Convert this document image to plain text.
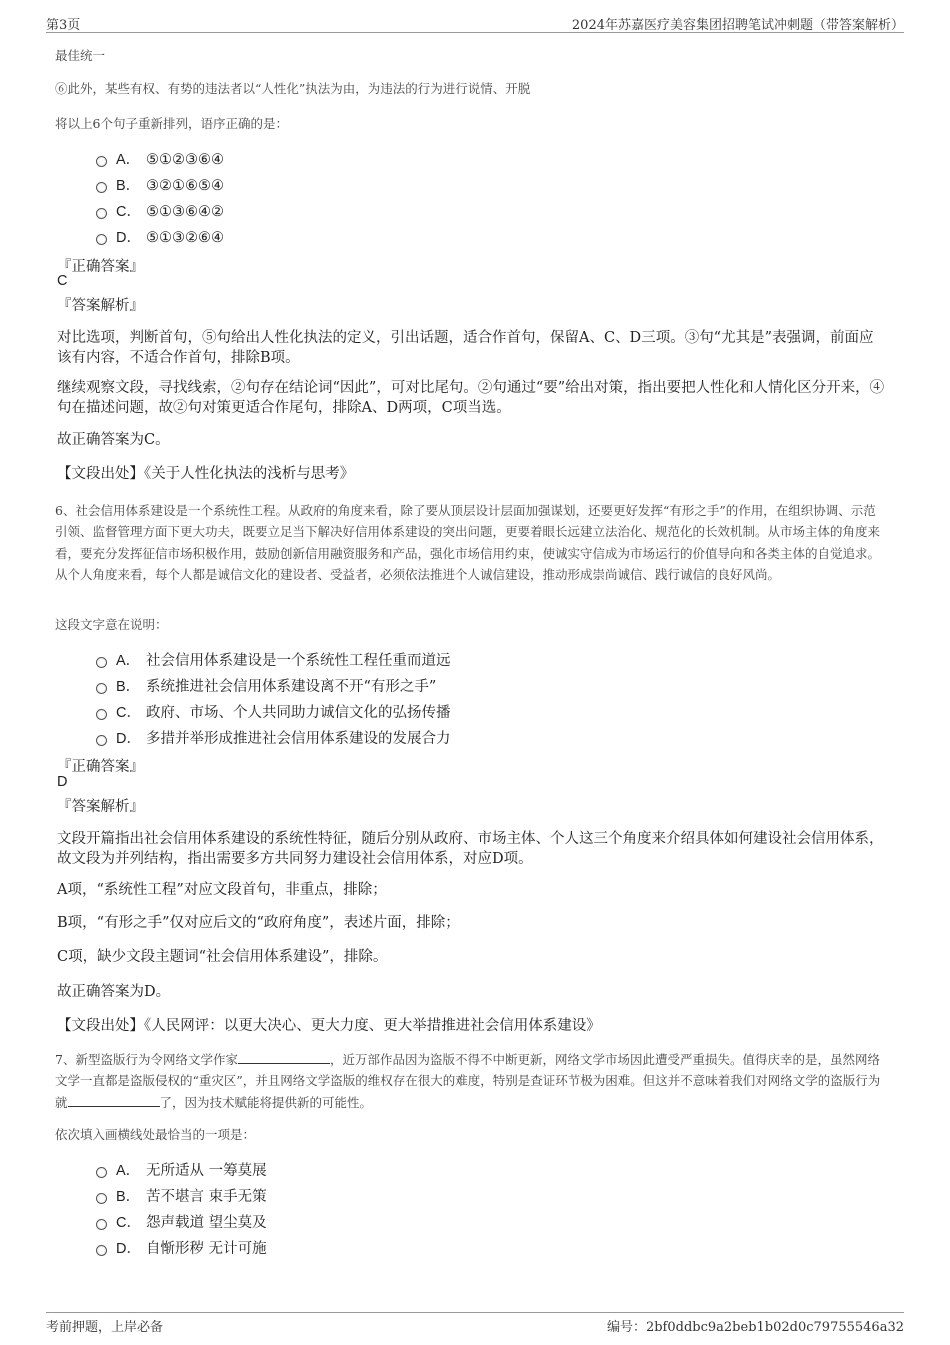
第3页	2024年苏嘉医疗美容集团招聘笔试冲刺题（带答案解析）
最佳统一
⑥此外，某些有权、有势的违法者以“人性化”执法为由，为违法的行为进行说情、开脱
将以上6个句子重新排列，语序正确的是：
A． ⑤①②③⑥④
B． ③②①⑥⑤④
C． ⑤①③⑥④②
D． ⑤①③②⑥④
『正确答案』
C
『答案解析』
对比选项，判断首句，⑤句给出人性化执法的定义，引出话题，适合作首句，保留A、C、D三项。③句“尤其是”表强调，前面应该有内容，不适合作首句，排除B项。
继续观察文段，寻找线索，②句存在结论词“因此”，可对比尾句。②句通过“要”给出对策，指出要把人性化和人情化区分开来，④句在描述问题，故②句对策更适合作尾句，排除A、D两项，C项当选。
故正确答案为C。
【文段出处】《关于人性化执法的浅析与思考》
6、社会信用体系建设是一个系统性工程。从政府的角度来看，除了要从顶层设计层面加强谋划，还要更好发挥“有形之手”的作用，在组织协调、示范引领、监督管理方面下更大功夫，既要立足当下解决好信用体系建设的突出问题，更要着眼长远建立法治化、规范化的长效机制。从市场主体的角度来看，要充分发挥征信市场积极作用，鼓励创新信用融资服务和产品，强化市场信用约束，使诚实守信成为市场运行的价值导向和各类主体的自觉追求。从个人角度来看，每个人都是诚信文化的建设者、受益者，必须依法推进个人诚信建设，推动形成崇尚诚信、践行诚信的良好风尚。
这段文字意在说明：
A． 社会信用体系建设是一个系统性工程任重而道远
B． 系统推进社会信用体系建设离不开“有形之手”
C． 政府、市场、个人共同助力诚信文化的弘扬传播
D． 多措并举形成推进社会信用体系建设的发展合力
『正确答案』
D
『答案解析』
文段开篇指出社会信用体系建设的系统性特征，随后分别从政府、市场主体、个人这三个角度来介绍具体如何建设社会信用体系，故文段为并列结构，指出需要多方共同努力建设社会信用体系，对应D项。
A项，“系统性工程”对应文段首句，非重点，排除；
B项，“有形之手”仅对应后文的“政府角度”，表述片面，排除；
C项，缺少文段主题词“社会信用体系建设”，排除。
故正确答案为D。
【文段出处】《人民网评：以更大决心、更大力度、更大举措推进社会信用体系建设》
7、新型盗版行为令网络文学作家	，近万部作品因为盗版不得不中断更新，网络文学市场因此遭受严重损失。值得庆幸的是，虽然网络文学一直都是盗版侵权的“重灾区”，并且网络文学盗版的维权存在很大的难度，特别是查证环节极为困难。但这并不意味着我们对网络文学的盗版行为就	了，因为技术赋能将提供新的可能性。
依次填入画横线处最恰当的一项是：
A． 无所适从 一筹莫展
B． 苦不堪言 束手无策
C． 怨声载道 望尘莫及
D． 自惭形秽 无计可施
考前押题，上岸必备	编号：2bf0ddbc9a2beb1b02d0c79755546a32
